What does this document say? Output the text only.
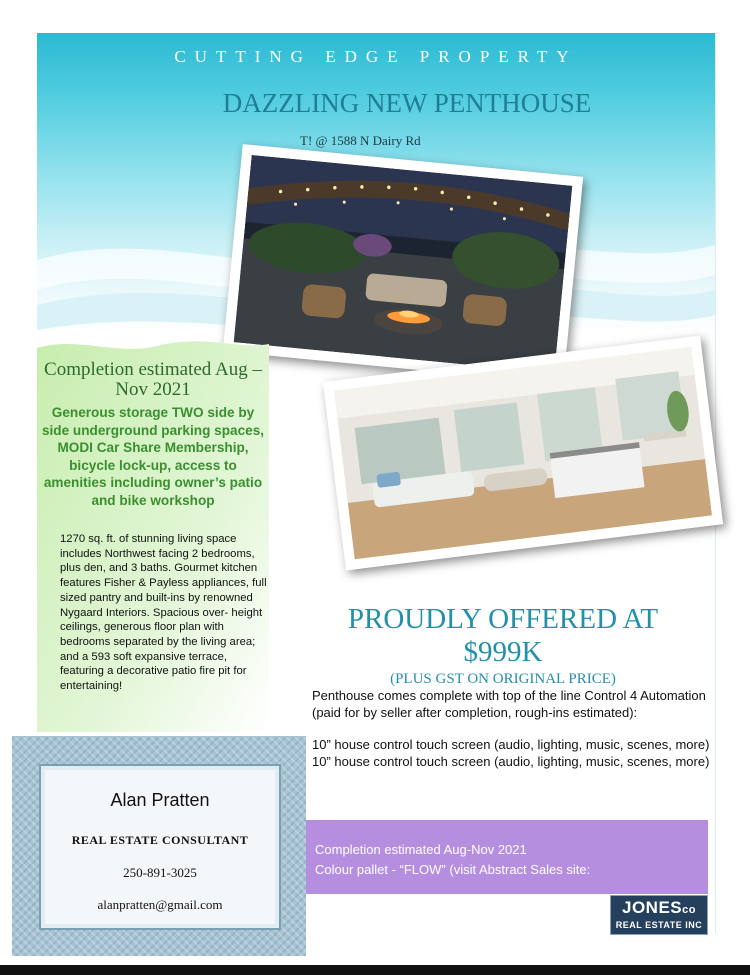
CUTTING EDGE PROPERTY
DAZZLING NEW PENTHOUSE
T! @ 1588 N Dairy Rd
Completion estimated Aug – Nov 2021
Generous storage TWO side by side underground parking spaces, MODI Car Share Membership, bicycle lock-up, access to amenities including owner’s patio and bike workshop
1270 sq. ft. of stunning living space includes Northwest facing 2 bedrooms, plus den, and 3 baths. Gourmet kitchen features Fisher & Payless appliances, full sized pantry and built-ins by renowned Nygaard Interiors. Spacious over- height ceilings, generous floor plan with bedrooms separated by the living area; and a 593 soft expansive terrace, featuring a decorative patio fire pit for entertaining!
PROUDLY OFFERED AT
$999K
(PLUS GST ON ORIGINAL PRICE)
Penthouse comes complete with top of the line Control 4 Automation (paid for by seller after completion, rough-ins estimated):
10” house control touch screen (audio, lighting, music, scenes, more) 10” house control touch screen (audio, lighting, music, scenes, more)
Completion estimated Aug-Nov 2021
Colour pallet - “FLOW” (visit Abstract Sales site:
JONESco
REAL ESTATE INC
Alan Pratten
REAL ESTATE CONSULTANT
250-891-3025
alanpratten@gmail.com
